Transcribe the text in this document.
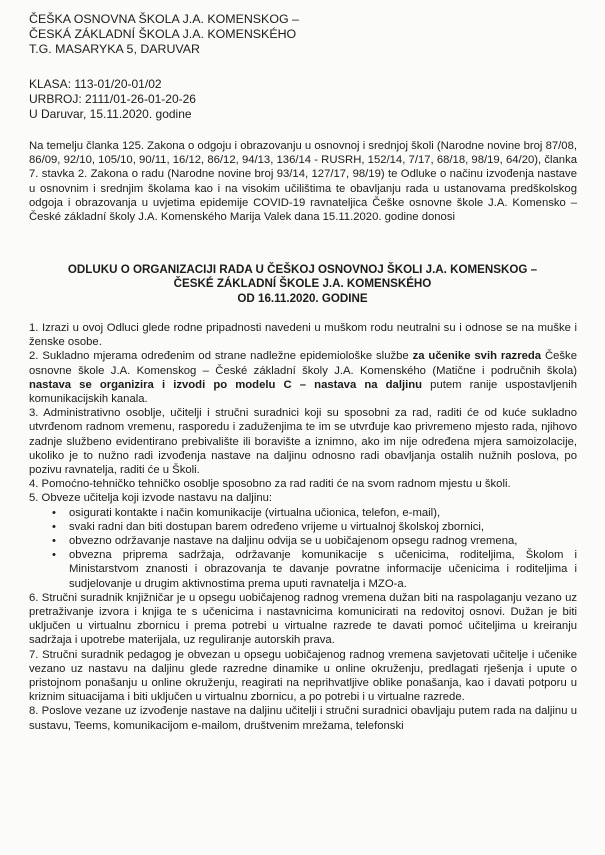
ČEŠKA OSNOVNA ŠKOLA J.A. KOMENSKOG –
ČESKÁ ZÁKLADNÍ ŠKOLA J.A. KOMENSKÉHO
T.G. MASARYKA 5, DARUVAR
KLASA: 113-01/20-01/02
URBROJ: 2111/01-26-01-20-26
U Daruvar, 15.11.2020. godine

Na temelju članka 125. Zakona o odgoju i obrazovanju u osnovnoj i srednjoj školi (Narodne novine broj 87/08, 86/09, 92/10, 105/10, 90/11, 16/12, 86/12, 94/13, 136/14 - RUSRH, 152/14, 7/17, 68/18, 98/19, 64/20), članka 7. stavka 2. Zakona o radu (Narodne novine broj 93/14, 127/17, 98/19) te Odluke o načinu izvođenja nastave u osnovnim i srednjim školama kao i na visokim učilištima te obavljanju rada u ustanovama predškolskog odgoja i obrazovanja u uvjetima epidemije COVID-19 ravnateljica Češke osnovne škole J.A. Komensko – České základní školy J.A. Komenského Marija Valek dana 15.11.2020. godine donosi

ODLUKU O ORGANIZACIJI RADA U ČEŠKOJ OSNOVNOJ ŠKOLI J.A. KOMENSKOG –
ČESKÉ ZÁKLADNÍ ŠKOLE J.A. KOMENSKÉHO
OD 16.11.2020. GODINE

1. Izrazi u ovoj Odluci glede rodne pripadnosti navedeni u muškom rodu neutralni su i odnose se na muške i ženske osobe.

2. Sukladno mjerama određenim od strane nadležne epidemiološke službe za učenike svih razreda Češke osnovne škole J.A. Komenskog – České základní školy J.A. Komenského (Matične i područnih škola) nastava se organizira i izvodi po modelu C – nastava na daljinu putem ranije uspostavljenih komunikacijskih kanala.

3. Administrativno osoblje, učitelji i stručni suradnici koji su sposobni za rad, raditi će od kuće sukladno utvrđenom radnom vremenu, rasporedu i zaduženjima te im se utvrđuje kao privremeno mjesto rada, njihovo zadnje službeno evidentirano prebivalište ili boravište a iznimno, ako im nije određena mjera samoizolacije, ukoliko je to nužno radi izvođenja nastave na daljinu odnosno radi obavljanja ostalih nužnih poslova, po pozivu ravnatelja, raditi će u Školi.

4. Pomoćno-tehničko tehničko osoblje sposobno za rad raditi će na svom radnom mjestu u školi.

5. Obveze učitelja koji izvode nastavu na daljinu:

• osigurati kontakte i način komunikacije (virtualna učionica, telefon, e-mail),
• svaki radni dan biti dostupan barem određeno vrijeme u virtualnoj školskoj zbornici,
• obvezno održavanje nastave na daljinu odvija se u uobičajenom opsegu radnog vremena,
• obvezna priprema sadržaja, održavanje komunikacije s učenicima, roditeljima, Školom i Ministarstvom znanosti i obrazovanja te davanje povratne informacije učenicima i roditeljima i sudjelovanje u drugim aktivnostima prema uputi ravnatelja i MZO-a.

6. Stručni suradnik knjižničar je u opsegu uobičajenog radnog vremena dužan biti na raspolaganju vezano uz pretraživanje izvora i knjiga te s učenicima i nastavnicima komunicirati na redovitoj osnovi. Dužan je biti uključen u virtualnu zbornicu i prema potrebi u virtualne razrede te davati pomoć učiteljima u kreiranju sadržaja i upotrebe materijala, uz reguliranje autorskih prava.

7. Stručni suradnik pedagog je obvezan u opsegu uobičajenog radnog vremena savjetovati učitelje i učenike vezano uz nastavu na daljinu glede razredne dinamike u online okruženju, predlagati rješenja i upute o pristojnom ponašanju u online okruženju, reagirati na neprihvatljive oblike ponašanja, kao i davati potporu u kriznim situacijama i biti uključen u virtualnu zbornicu, a po potrebi i u virtualne razrede.

8. Poslove vezane uz izvođenje nastave na daljinu učitelji i stručni suradnici obavljaju putem rada na daljinu u sustavu, Teems, komunikacijom e-mailom, društvenim mrežama, telefonski
